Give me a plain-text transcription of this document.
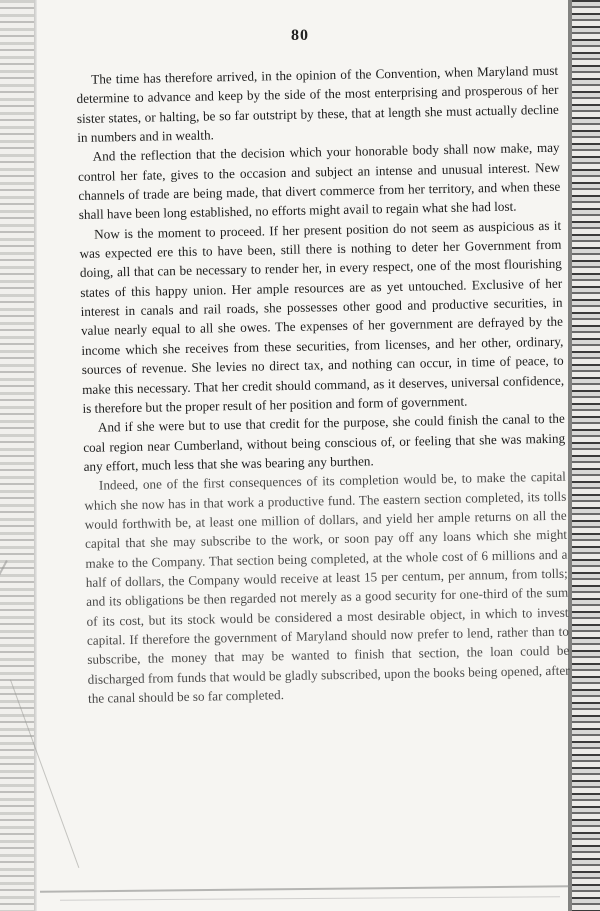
80

The time has therefore arrived, in the opinion of the Convention, when Maryland must determine to advance and keep by the side of the most enterprising and prosperous of her sister states, or halting, be so far outstript by these, that at length she must actually decline in numbers and in wealth.

And the reflection that the decision which your honorable body shall now make, may control her fate, gives to the occasion and subject an intense and unusual interest. New channels of trade are being made, that divert commerce from her territory, and when these shall have been long established, no efforts might avail to regain what she had lost.

Now is the moment to proceed. If her present position do not seem as auspicious as it was expected ere this to have been, still there is nothing to deter her Government from doing, all that can be necessary to render her, in every respect, one of the most flourishing states of this happy union. Her ample resources are as yet untouched. Exclusive of her interest in canals and rail roads, she possesses other good and productive securities, in value nearly equal to all she owes. The expenses of her government are defrayed by the income which she receives from these securities, from licenses, and her other, ordinary, sources of revenue. She levies no direct tax, and nothing can occur, in time of peace, to make this necessary. That her credit should command, as it deserves, universal confidence, is therefore but the proper result of her position and form of government.

And if she were but to use that credit for the purpose, she could finish the canal to the coal region near Cumberland, without being conscious of, or feeling that she was making any effort, much less that she was bearing any burthen.

Indeed, one of the first consequences of its completion would be, to make the capital which she now has in that work a productive fund. The eastern section completed, its tolls would forthwith be, at least one million of dollars, and yield her ample returns on all the capital that she may subscribe to the work, or soon pay off any loans which she might make to the Company. That section being completed, at the whole cost of 6 millions and a half of dollars, the Company would receive at least 15 per centum, per annum, from tolls; and its obligations be then regarded not merely as a good security for one-third of the sum of its cost, but its stock would be considered a most desirable object, in which to invest capital. If therefore the government of Maryland should now prefer to lend, rather than to subscribe, the money that may be wanted to finish that section, the loan could be discharged from funds that would be gladly subscribed, upon the books being opened, after the canal should be so far completed.
